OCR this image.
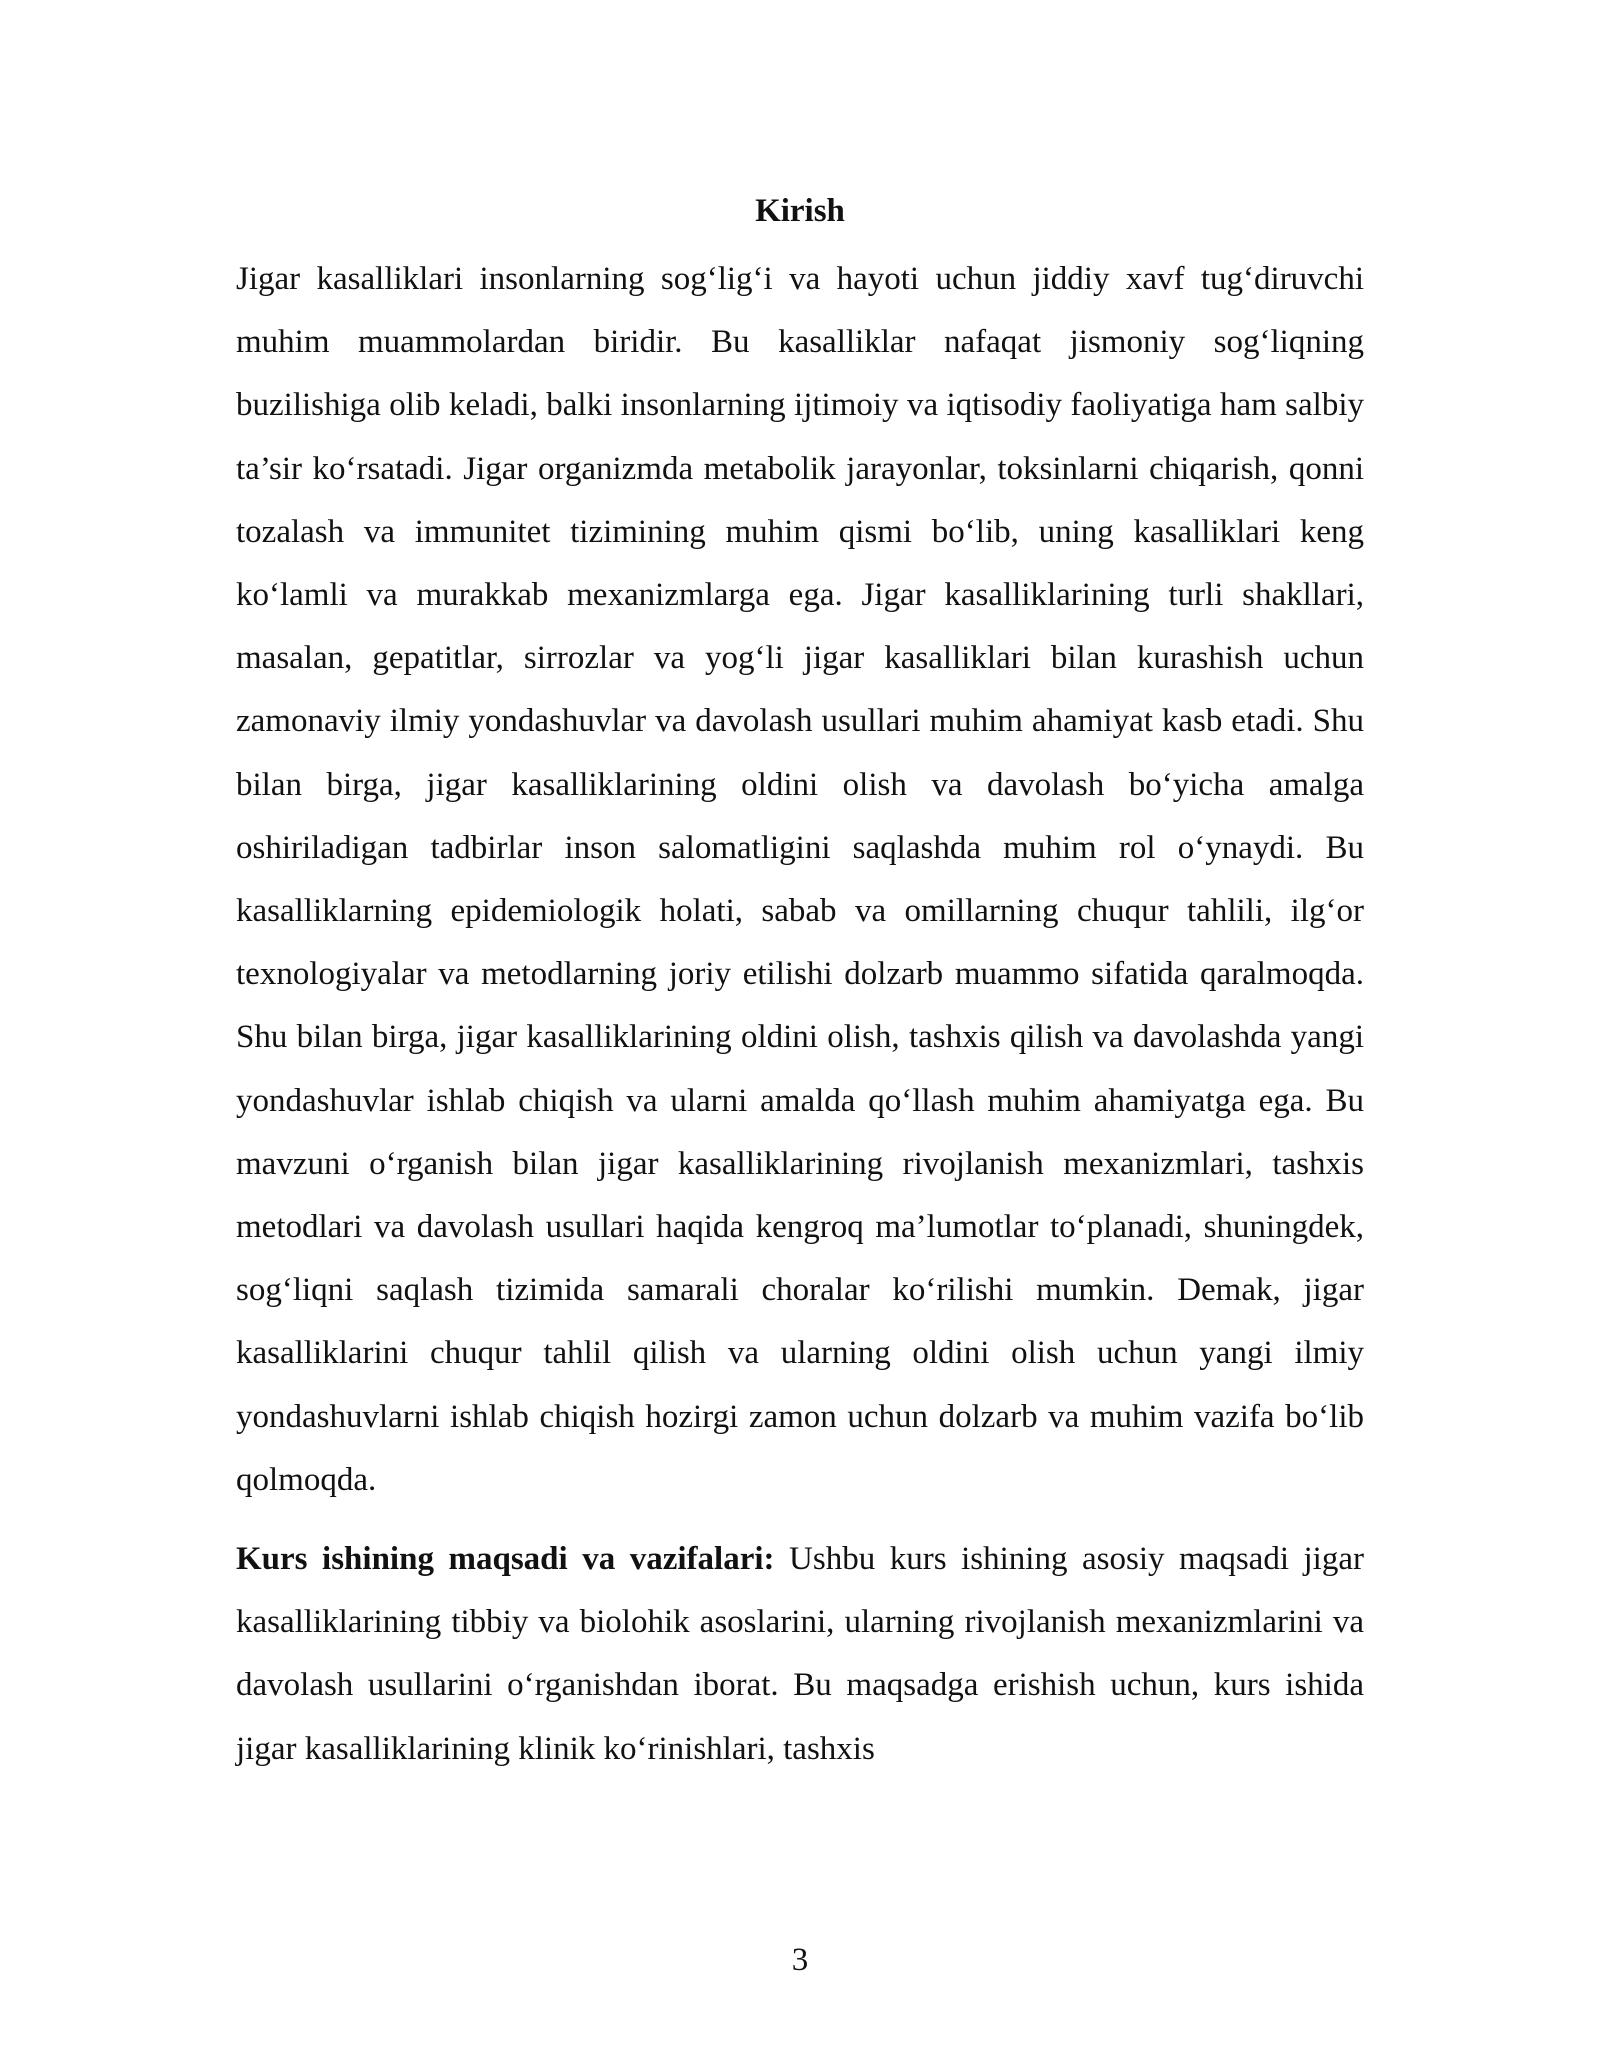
Kirish

Jigar kasalliklari insonlarning sog‘lig‘i va hayoti uchun jiddiy xavf tug‘diruvchi muhim muammolardan biridir. Bu kasalliklar nafaqat jismoniy sog‘liqning buzilishiga olib keladi, balki insonlarning ijtimoiy va iqtisodiy faoliyatiga ham salbiy ta’sir ko‘rsatadi. Jigar organizmda metabolik jarayonlar, toksinlarni chiqarish, qonni tozalash va immunitet tizimining muhim qismi bo‘lib, uning kasalliklari keng ko‘lamli va murakkab mexanizmlarga ega. Jigar kasalliklarining turli shakllari, masalan, gepatitlar, sirrozlar va yog‘li jigar kasalliklari bilan kurashish uchun zamonaviy ilmiy yondashuvlar va davolash usullari muhim ahamiyat kasb etadi. Shu bilan birga, jigar kasalliklarining oldini olish va davolash bo‘yicha amalga oshiriladigan tadbirlar inson salomatligini saqlashda muhim rol o‘ynaydi. Bu kasalliklarning epidemiologik holati, sabab va omillarning chuqur tahlili, ilg‘or texnologiyalar va metodlarning joriy etilishi dolzarb muammo sifatida qaralmoqda. Shu bilan birga, jigar kasalliklarining oldini olish, tashxis qilish va davolashda yangi yondashuvlar ishlab chiqish va ularni amalda qo‘llash muhim ahamiyatga ega. Bu mavzuni o‘rganish bilan jigar kasalliklarining rivojlanish mexanizmlari, tashxis metodlari va davolash usullari haqida kengroq ma’lumotlar to‘planadi, shuningdek, sog‘liqni saqlash tizimida samarali choralar ko‘rilishi mumkin. Demak, jigar kasalliklarini chuqur tahlil qilish va ularning oldini olish uchun yangi ilmiy yondashuvlarni ishlab chiqish hozirgi zamon uchun dolzarb va muhim vazifa bo‘lib qolmoqda.

Kurs ishining maqsadi va vazifalari: Ushbu kurs ishining asosiy maqsadi jigar kasalliklarining tibbiy va biolohik asoslarini, ularning rivojlanish mexanizmlarini va davolash usullarini o‘rganishdan iborat. Bu maqsadga erishish uchun, kurs ishida jigar kasalliklarining klinik ko‘rinishlari, tashxis

3
